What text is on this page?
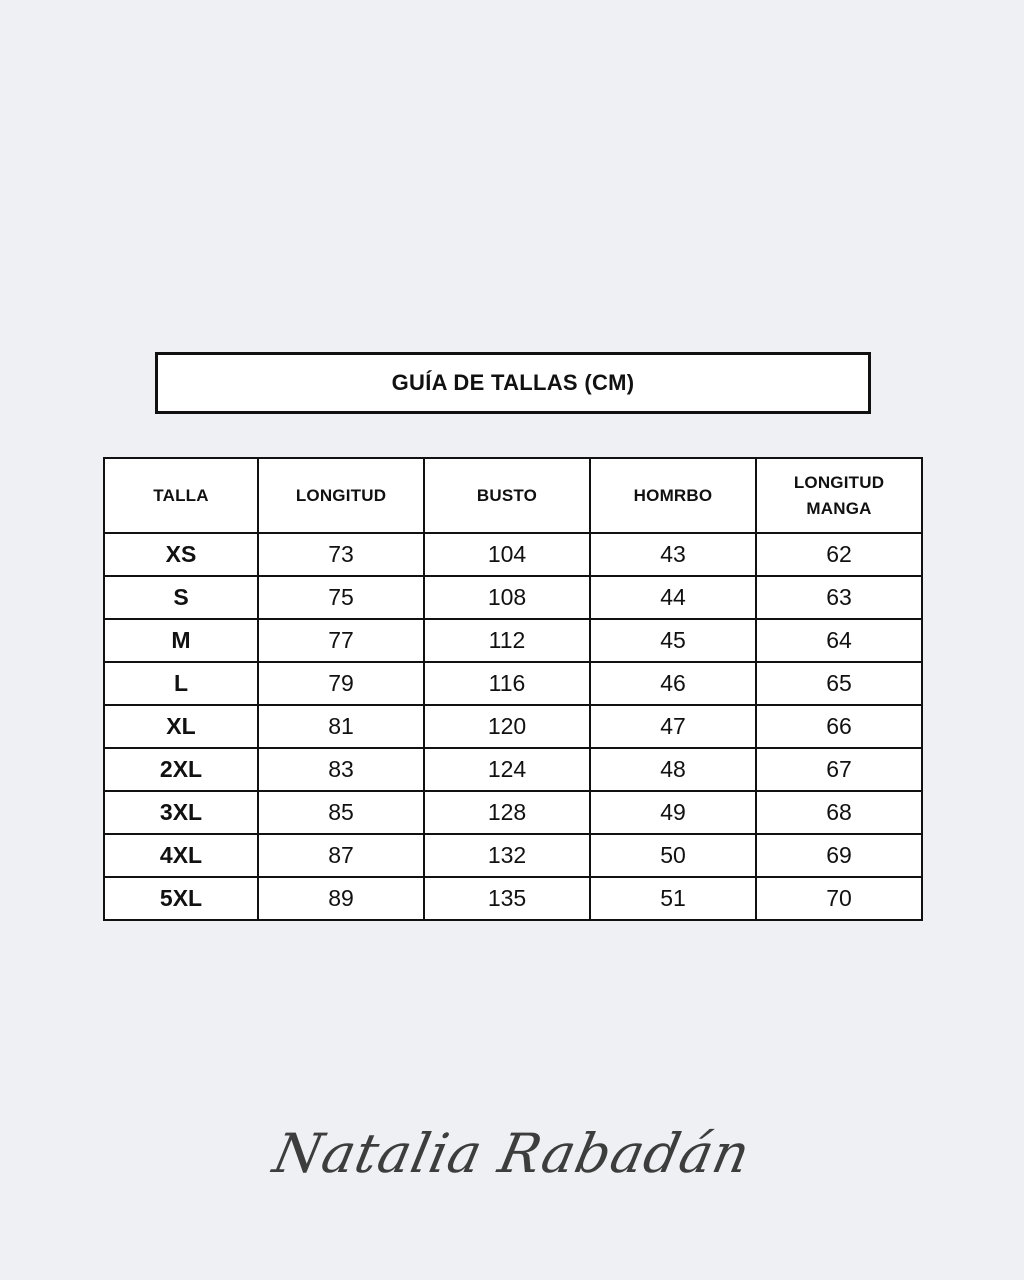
GUÍA DE TALLAS (CM)
TALLA	LONGITUD	BUSTO	HOMRBO	LONGITUD
MANGA
XS	73	104	43	62
S	75	108	44	63
M	77	112	45	64
L	79	116	46	65
XL	81	120	47	66
2XL	83	124	48	67
3XL	85	128	49	68
4XL	87	132	50	69
5XL	89	135	51	70
Natalia Rabadán
